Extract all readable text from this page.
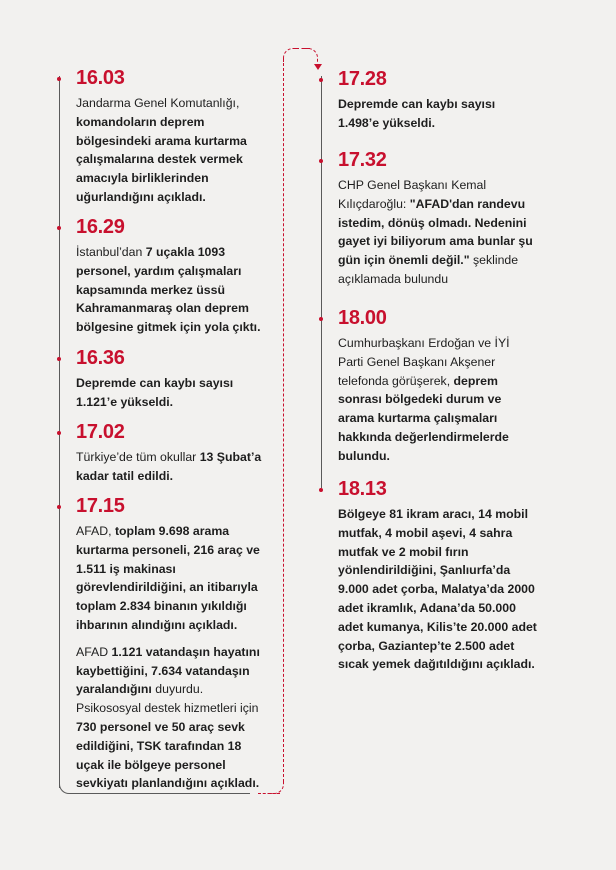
16.03
Jandarma Genel Komutanlığı, komandoların deprem bölgesindeki arama kurtarma çalışmalarına destek vermek amacıyla birliklerinden uğurlandığını açıkladı.
16.29
İstanbul’dan 7 uçakla 1093 personel, yardım çalışmaları kapsamında merkez üssü Kahramanmaraş olan deprem bölgesine gitmek için yola çıktı.
16.36
Depremde can kaybı sayısı 1.121’e yükseldi.
17.02
Türkiye’de tüm okullar 13 Şubat’a kadar tatil edildi.
17.15

AFAD, toplam 9.698 arama kurtarma personeli, 216 araç ve 1.511 iş makinası görevlendirildiğini, an itibarıyla toplam 2.834 binanın yıkıldığı ihbarının alındığını açıkladı.

AFAD 1.121 vatandaşın hayatını kaybettiğini, 7.634 vatandaşın yaralandığını duyurdu. Psikososyal destek hizmetleri için 730 personel ve 50 araç sevk edildiğini, TSK tarafından 18 uçak ile bölgeye personel sevkiyatı planlandığını açıkladı.

17.28
Depremde can kaybı sayısı 1.498’e yükseldi.
17.32
CHP Genel Başkanı Kemal Kılıçdaroğlu: "AFAD'dan randevu istedim, dönüş olmadı. Nedenini gayet iyi biliyorum ama bunlar şu gün için önemli değil." şeklinde açıklamada bulundu
18.00
Cumhurbaşkanı Erdoğan ve İYİ Parti Genel Başkanı Akşener telefonda görüşerek, deprem sonrası bölgedeki durum ve arama kurtarma çalışmaları hakkında değerlendirmelerde bulundu.
18.13
Bölgeye 81 ikram aracı, 14 mobil mutfak, 4 mobil aşevi, 4 sahra mutfak ve 2 mobil fırın yönlendirildiğini, Şanlıurfa’da 9.000 adet çorba, Malatya’da 2000 adet ikramlık, Adana’da 50.000 adet kumanya, Kilis’te 20.000 adet çorba, Gaziantep’te 2.500 adet sıcak yemek dağıtıldığını açıkladı.
